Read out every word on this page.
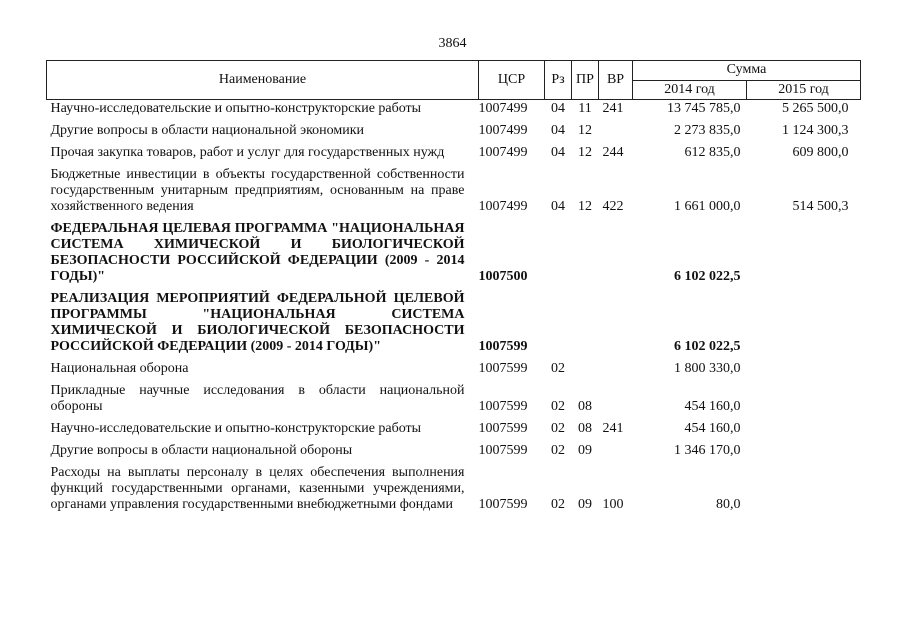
3864
Наименование	ЦСР	Рз	ПР	ВР	Сумма	
					2014 год	2015 год
Научно-исследовательские и опытно-конструкторские работы	1007499	04	11	241	13 745 785,0	5 265 500,0
Другие вопросы в области национальной экономики	1007499	04	12		2 273 835,0	1 124 300,3
Прочая закупка товаров, работ и услуг для государственных нужд	1007499	04	12	244	612 835,0	609 800,0
Бюджетные инвестиции в объекты государственной собственности государственным унитарным предприятиям, основанным на праве хозяйственного ведения	1007499	04	12	422	1 661 000,0	514 500,3
ФЕДЕРАЛЬНАЯ ЦЕЛЕВАЯ ПРОГРАММА "НАЦИОНАЛЬНАЯ СИСТЕМА ХИМИЧЕСКОЙ И БИОЛОГИЧЕСКОЙ БЕЗОПАСНОСТИ РОССИЙСКОЙ ФЕДЕРАЦИИ (2009 - 2014 ГОДЫ)"	1007500				6 102 022,5	
РЕАЛИЗАЦИЯ МЕРОПРИЯТИЙ ФЕДЕРАЛЬНОЙ ЦЕЛЕВОЙ ПРОГРАММЫ "НАЦИОНАЛЬНАЯ СИСТЕМА ХИМИЧЕСКОЙ И БИОЛОГИЧЕСКОЙ БЕЗОПАСНОСТИ РОССИЙСКОЙ ФЕДЕРАЦИИ (2009 - 2014 ГОДЫ)"	1007599				6 102 022,5	
Национальная оборона	1007599	02			1 800 330,0	
Прикладные научные исследования в области национальной обороны	1007599	02	08		454 160,0	
Научно-исследовательские и опытно-конструкторские работы	1007599	02	08	241	454 160,0	
Другие вопросы в области национальной обороны	1007599	02	09		1 346 170,0	
Расходы на выплаты персоналу в целях обеспечения выполнения функций государственными органами, казенными учреждениями, органами управления государственными внебюджетными фондами	1007599	02	09	100	80,0	
